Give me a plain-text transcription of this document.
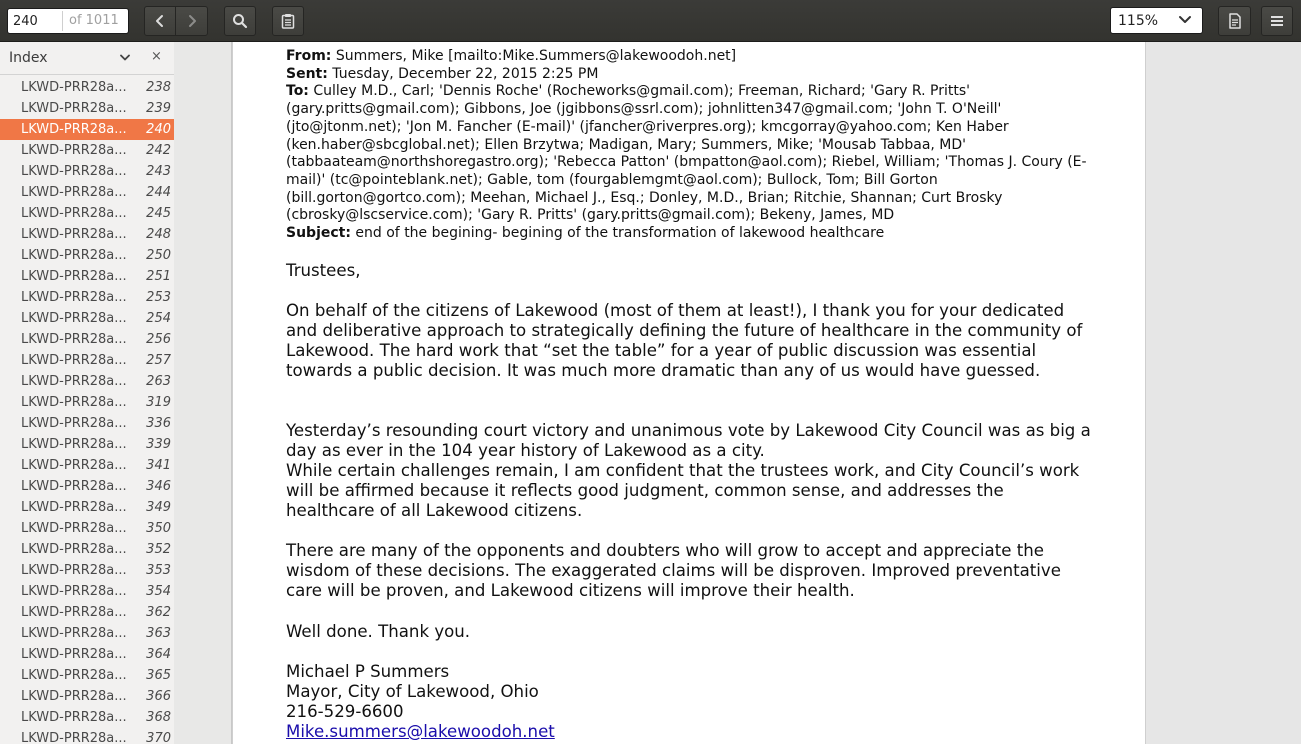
240
of 1011	115%
Index	×
LKWD-PRR28a...	238
LKWD-PRR28a...	239
LKWD-PRR28a...	240
LKWD-PRR28a...	242
LKWD-PRR28a...	243
LKWD-PRR28a...	244
LKWD-PRR28a...	245
LKWD-PRR28a...	248
LKWD-PRR28a...	250
LKWD-PRR28a...	251
LKWD-PRR28a...	253
LKWD-PRR28a...	254
LKWD-PRR28a...	256
LKWD-PRR28a...	257
LKWD-PRR28a...	263
LKWD-PRR28a...	319
LKWD-PRR28a...	336
LKWD-PRR28a...	339
LKWD-PRR28a...	341
LKWD-PRR28a...	346
LKWD-PRR28a...	349
LKWD-PRR28a...	350
LKWD-PRR28a...	352
LKWD-PRR28a...	353
LKWD-PRR28a...	354
LKWD-PRR28a...	362
LKWD-PRR28a...	363
LKWD-PRR28a...	364
LKWD-PRR28a...	365
LKWD-PRR28a...	366
LKWD-PRR28a...	368
LKWD-PRR28a...	370
From: Summers, Mike [mailto:Mike.Summers@lakewoodoh.net]
Sent: Tuesday, December 22, 2015 2:25 PM
To: Culley M.D., Carl; 'Dennis Roche' (Rocheworks@gmail.com); Freeman, Richard; 'Gary R. Pritts' (gary.pritts@gmail.com); Gibbons, Joe (jgibbons@ssrl.com); johnlitten347@gmail.com; 'John T. O'Neill' (jto@jtonm.net); 'Jon M. Fancher (E-mail)' (jfancher@riverpres.org); kmcgorray@yahoo.com; Ken Haber (ken.haber@sbcglobal.net); Ellen Brzytwa; Madigan, Mary; Summers, Mike; 'Mousab Tabbaa, MD' (tabbaateam@northshoregastro.org); 'Rebecca Patton' (bmpatton@aol.com); Riebel, William; 'Thomas J. Coury (E-mail)' (tc@pointeblank.net); Gable, tom (fourgablemgmt@aol.com); Bullock, Tom; Bill Gorton (bill.gorton@gortco.com); Meehan, Michael J., Esq.; Donley, M.D., Brian; Ritchie, Shannan; Curt Brosky (cbrosky@lscservice.com); 'Gary R. Pritts' (gary.pritts@gmail.com); Bekeny, James, MD
Subject: end of the begining- begining of the transformation of lakewood healthcare

Trustees,

On behalf of the citizens of Lakewood (most of them at least!), I thank you for your dedicated and deliberative approach to strategically defining the future of healthcare in the community of Lakewood. The hard work that “set the table” for a year of public discussion was essential towards a public decision. It was much more dramatic than any of us would have guessed.

Yesterday’s resounding court victory and unanimous vote by Lakewood City Council was as big a day as ever in the 104 year history of Lakewood as a city.

While certain challenges remain, I am confident that the trustees work, and City Council’s work will be affirmed because it reflects good judgment, common sense, and addresses the healthcare of all Lakewood citizens.

There are many of the opponents and doubters who will grow to accept and appreciate the wisdom of these decisions. The exaggerated claims will be disproven. Improved preventative care will be proven, and Lakewood citizens will improve their health.

Well done. Thank you.

Michael P Summers

Mayor, City of Lakewood, Ohio

216-529-6600

Mike.summers@lakewoodoh.net
